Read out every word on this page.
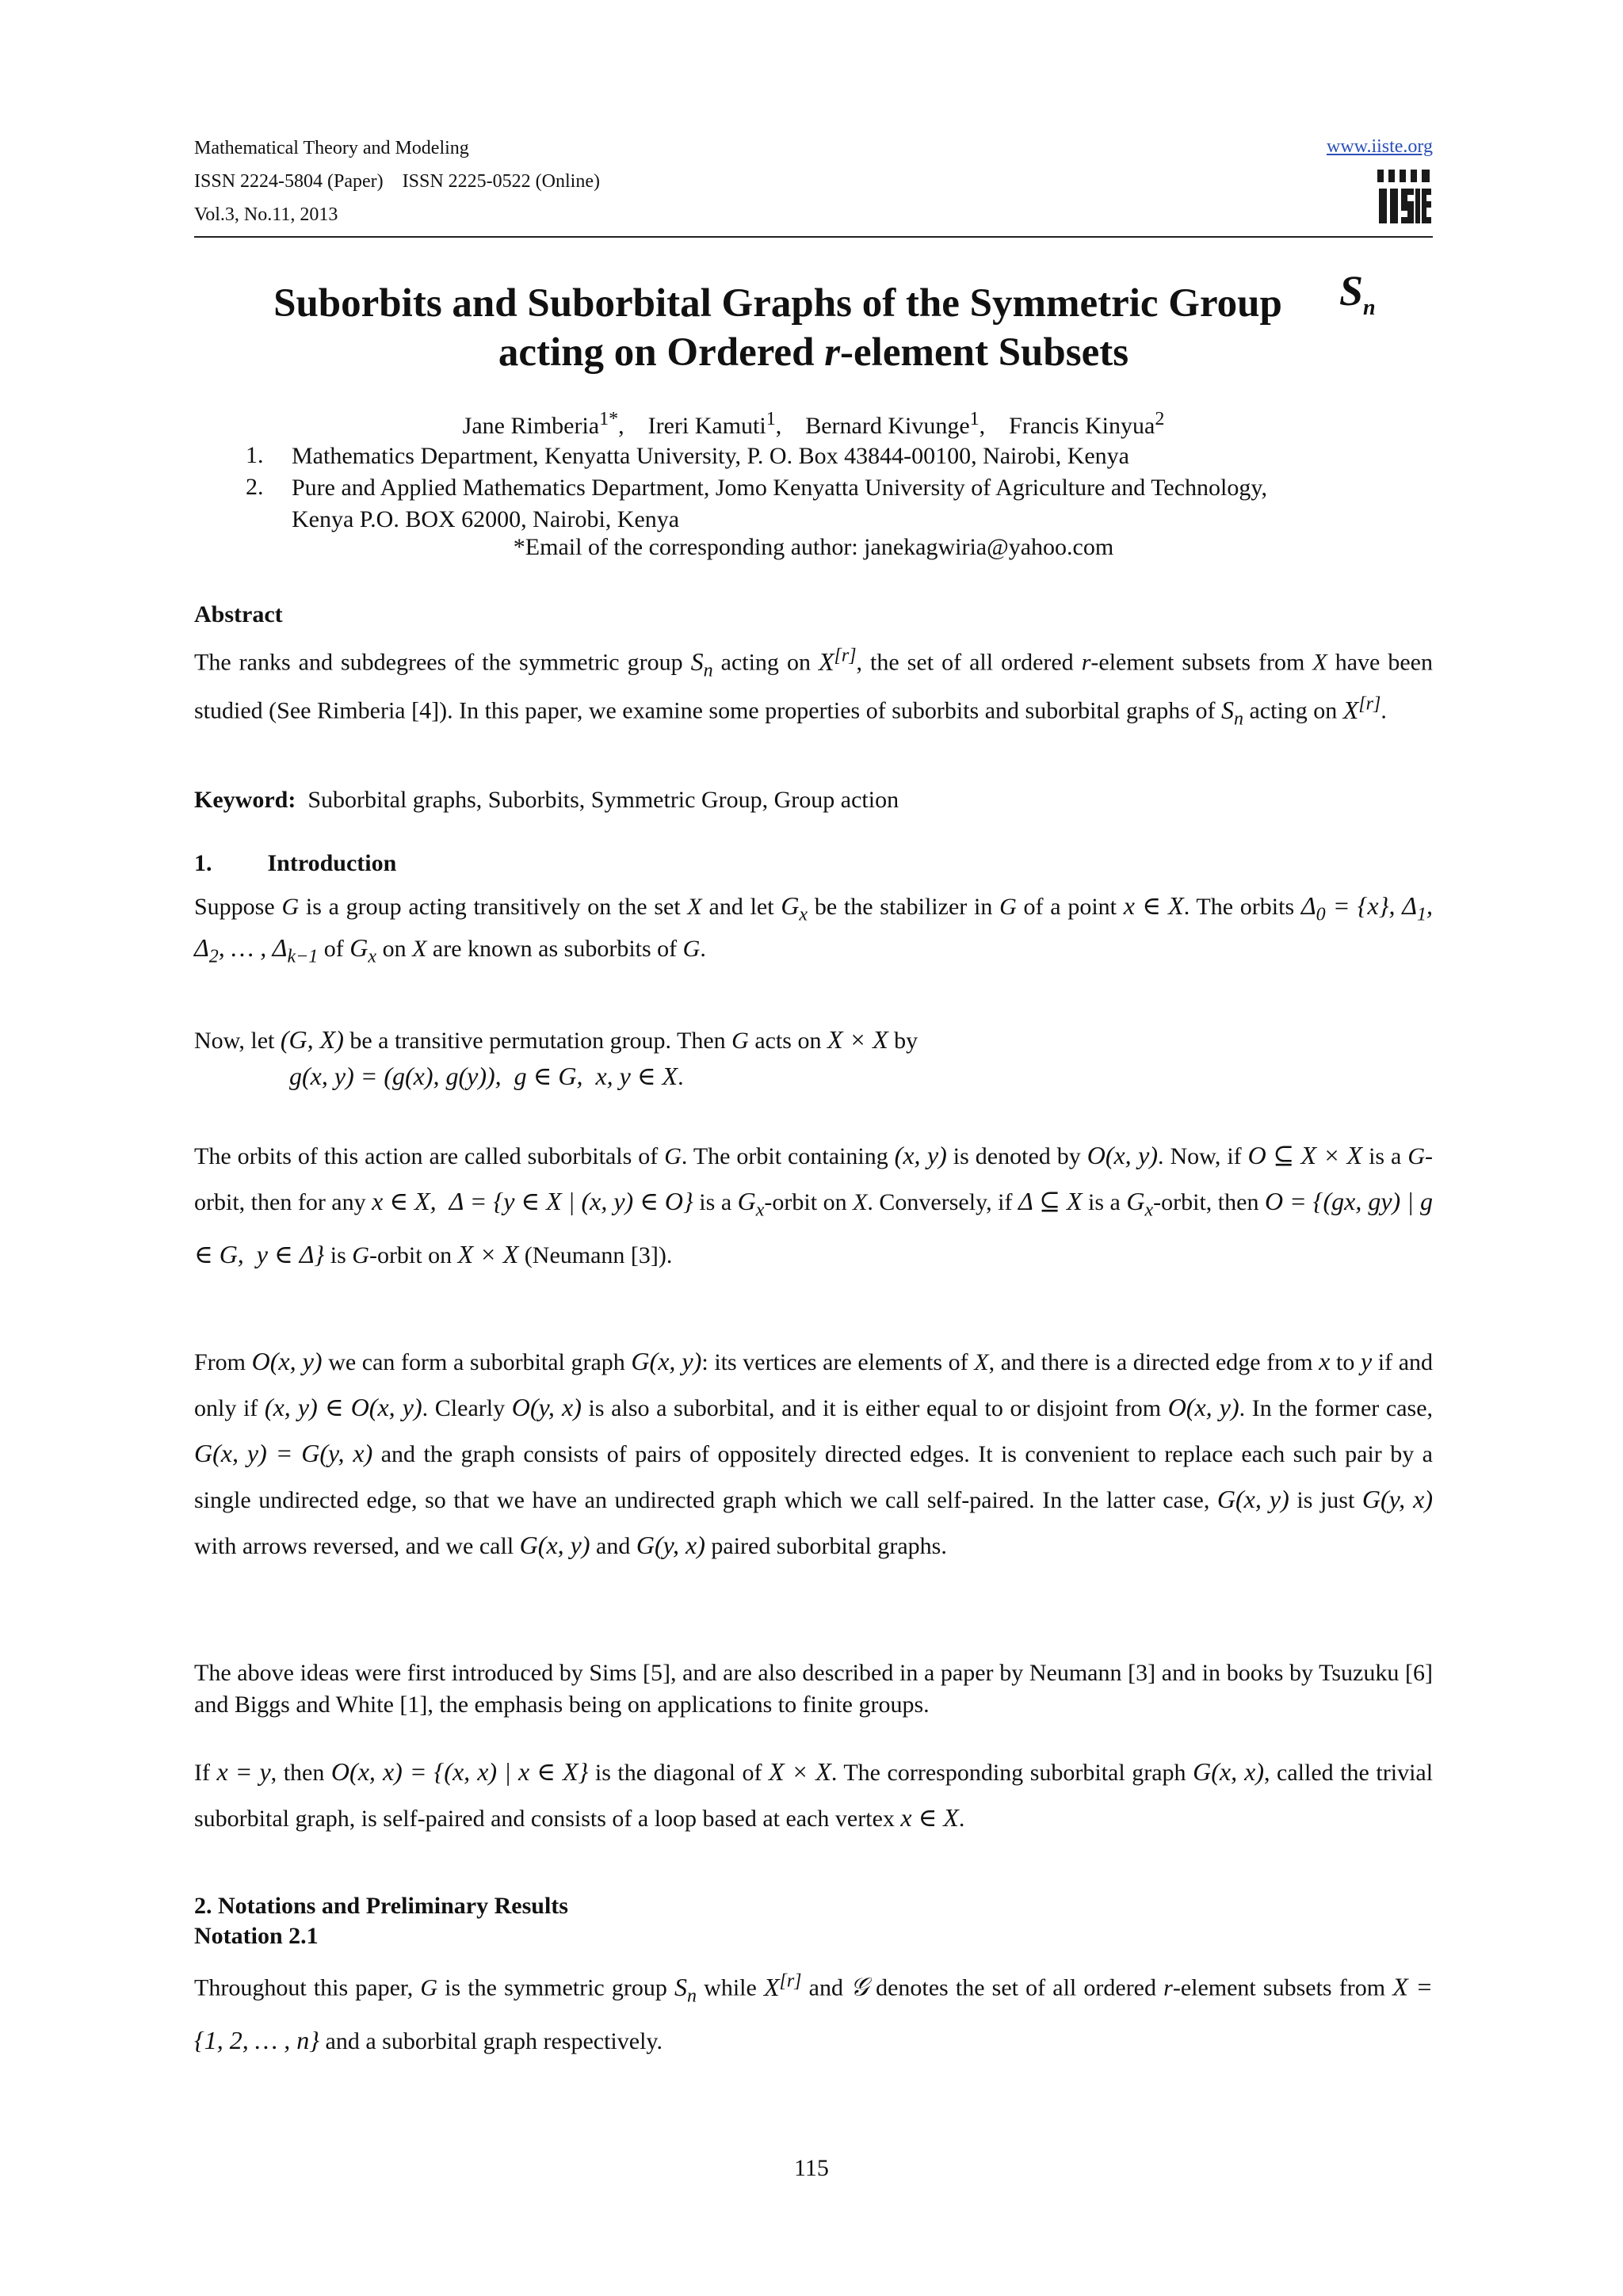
Mathematical Theory and Modeling
ISSN 2224-5804 (Paper)    ISSN 2225-0522 (Online)
Vol.3, No.11, 2013
www.iiste.org
Suborbits and Suborbital Graphs of the Symmetric Group
acting on Ordered r-element Subsets
$S_n$
Jane Rimberia$^{1*}$,    Ireri Kamuti$^1$,    Bernard Kivunge$^1$,    Francis Kinyua$^2$
1. Mathematics Department, Kenyatta University, P. O. Box 43844-00100, Nairobi, Kenya
2. Pure and Applied Mathematics Department, Jomo Kenyatta University of Agriculture and Technology,
Kenya P.O. BOX 62000, Nairobi, Kenya
*Email of the corresponding author: janekagwiria@yahoo.com
Abstract
The ranks and subdegrees of the symmetric group $S_n$ acting on X[r], the set of all ordered r-element subsets from X have been studied (See Rimberia [4]). In this paper, we examine some properties of suborbits and suborbital graphs of $S_n$ acting on X[r].
Keyword: Suborbital graphs, Suborbits, Symmetric Group, Group action
1. Introduction
Suppose G is a group acting transitively on the set X and let $G_x$ be the stabilizer in G of a point x ∈ X. The orbits $\Delta_0 = \{x\}$, $\Delta_1$, $\Delta_2$, … , $\Delta_{k-1}$ of $G_x$ on X are known as suborbits of G.
Now, let (G, X) be a transitive permutation group. Then G acts on X × X by
g(x, y) = (g(x), g(y)),  g ∈ G,  x, y ∈ X.
The orbits of this action are called suborbitals of G. The orbit containing (x, y) is denoted by O(x, y). Now, if O ⊆ X × X is a G-orbit, then for any x ∈ X,  Δ = {y ∈ X | (x, y) ∈ O} is a $G_x$-orbit on X. Conversely, if Δ ⊆ X is a $G_x$-orbit, then O = {(gx, gy) | g ∈ G,  y ∈ Δ} is G-orbit on X × X (Neumann [3]).
From O(x, y) we can form a suborbital graph G(x, y): its vertices are elements of X, and there is a directed edge from x to y if and only if (x, y) ∈ O(x, y). Clearly O(y, x) is also a suborbital, and it is either equal to or disjoint from O(x, y). In the former case, G(x, y) = G(y, x) and the graph consists of pairs of oppositely directed edges. It is convenient to replace each such pair by a single undirected edge, so that we have an undirected graph which we call self-paired. In the latter case, G(x, y) is just G(y, x) with arrows reversed, and we call G(x, y) and G(y, x) paired suborbital graphs.
The above ideas were first introduced by Sims [5], and are also described in a paper by Neumann [3] and in books by Tsuzuku [6] and Biggs and White [1], the emphasis being on applications to finite groups.
If x = y, then O(x, x) = {(x, x) | x ∈ X} is the diagonal of X × X. The corresponding suborbital graph G(x, x), called the trivial suborbital graph, is self-paired and consists of a loop based at each vertex x ∈ X.
2. Notations and Preliminary Results
Notation 2.1
Throughout this paper, G is the symmetric group $S_n$ while X[r] and 𝒢 denotes the set of all ordered r-element subsets from X = {1, 2, … , n} and a suborbital graph respectively.
115
